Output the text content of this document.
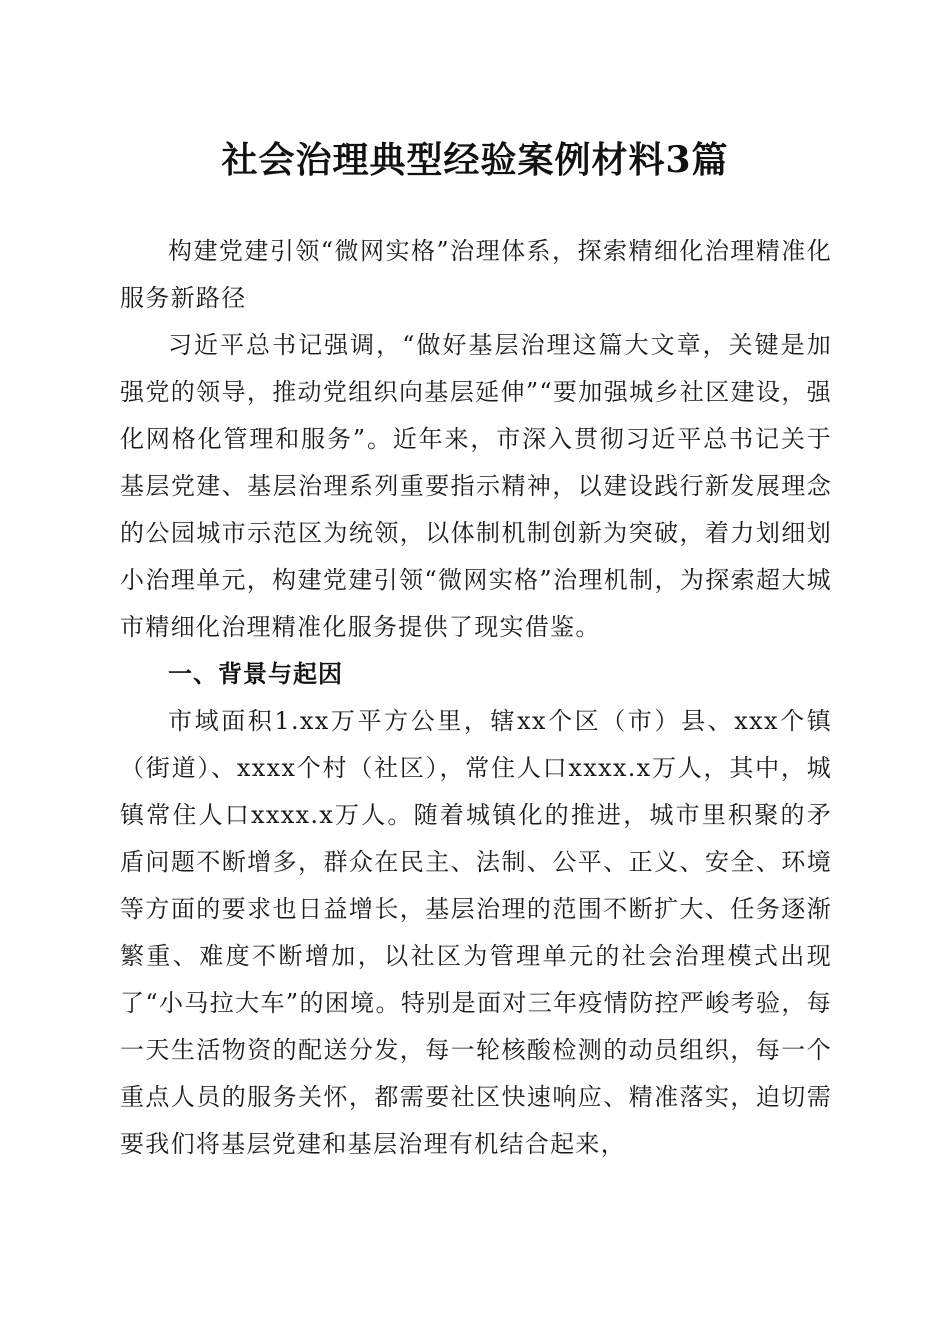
社会治理典型经验案例材料3篇

构建党建引领“微网实格”治理体系，探索精细化治理精准化服务新路径

习近平总书记强调，“做好基层治理这篇大文章，关键是加强党的领导，推动党组织向基层延伸”“要加强城乡社区建设，强化网格化管理和服务”。近年来，市深入贯彻习近平总书记关于基层党建、基层治理系列重要指示精神，以建设践行新发展理念的公园城市示范区为统领，以体制机制创新为突破，着力划细划小治理单元，构建党建引领“微网实格”治理机制，为探索超大城市精细化治理精准化服务提供了现实借鉴。

一、背景与起因

市域面积1.xx万平方公里，辖xx个区（市）县、xxx个镇（街道）、xxxx个村（社区），常住人口xxxx.x万人，其中，城镇常住人口xxxx.x万人。随着城镇化的推进，城市里积聚的矛盾问题不断增多，群众在民主、法制、公平、正义、安全、环境等方面的要求也日益增长，基层治理的范围不断扩大、任务逐渐繁重、难度不断增加，以社区为管理单元的社会治理模式出现了“小马拉大车”的困境。特别是面对三年疫情防控严峻考验，每一天生活物资的配送分发，每一轮核酸检测的动员组织，每一个重点人员的服务关怀，都需要社区快速响应、精准落实，迫切需要我们将基层党建和基层治理有机结合起来，
